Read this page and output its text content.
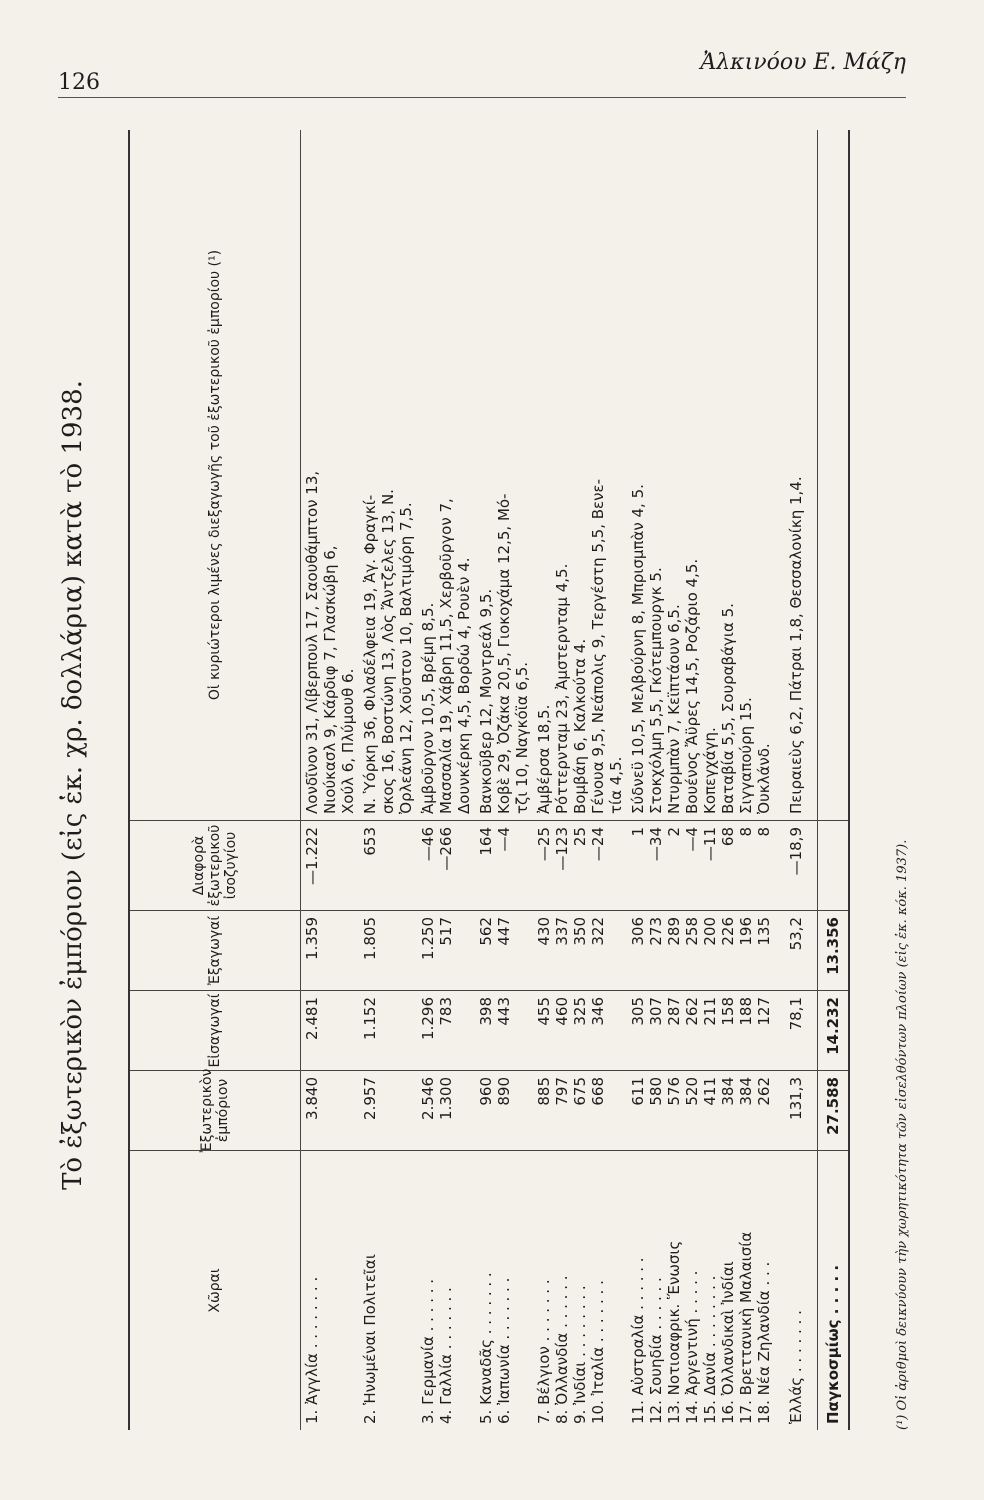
126
Ἀλκινόου Ε. Μάζη
Τὸ ἐξωτερικὸν ἐμπόριον (εἰς ἑκ. χρ. δολλάρια) κατὰ τὸ 1938.
Χῶραι
Ἐξωτερικὸν ἐμπόριον
Εἰσαγωγαί
Ἐξαγωγαί
Διαφορὰ ἐξωτερικοῦ ἰσοζυγίου
Οἱ κυριώτεροι λιμένες διεξαγωγῆς τοῦ ἐξωτερικοῦ ἐμπορίου (¹)
1. Ἀγγλία . . . . . . . .
3.840
2.481
1.359
—1.222
Λονδῖνον 31, Λίβερπουλ 17, Σαουθάμπτον 13, Νιούκασλ 9, Κάρδιφ 7, Γλασκώβη 6, Χούλ 6, Πλύμουθ 6.
2. Ἡνωμέναι Πολιτεῖαι
2.957
1.152
1.805
653
Ν. Ὑόρκη 36, Φιλαδέλφεια 19, Ἁγ. Φραγκί- σκος 16, Βοστώνη 13, Λὸς Ἄντζελες 13, Ν. Ὀρλεάνη 12, Χοῦστον 10, Βαλτιμόρη 7,5.
3. Γερμανία . . . . . . 4. Γαλλία . . . . . . .
2.546 1.300
1.296 783
1.250 517
—46 —266
Ἁμβοῦργον 10,5, Βρέμη 8,5. Μασσαλία 19, Χάβρη 11,5, Χερβοῦργον 7, Δουνκέρκη 4,5, Βορδώ 4, Ρουὲν 4.
5. Καναδᾶς . . . . . . . 6. Ἰαπωνία . . . . . . .
960 890
398 443
562 447
164 —4
Βανκοῦβερ 12, Μοντρεάλ 9,5. Κοβὲ 29, Ὀζάκα 20,5, Γιοκοχάμα 12,5, Μό- τζι 10, Ναγκόϊα 6,5.
7. Βέλγιον . . . . . . . 8. Ὀλλανδία . . . . . . 9. Ἰνδίαι . . . . . . . . 10. Ἰταλία . . . . . . .
885 797 675 668
455 460 325 346
430 337 350 322
—25 —123 25 —24
Ἀμβέρσα 18,5. Ρόττερνταμ 23, Ἀμστερνταμ 4,5. Βομβάη 6, Καλκούτα 4. Γένουα 9,5, Νεάπολις 9, Τεργέστη 5,5, Βενε- τία 4,5.
11. Αὐστραλία . . . . . . 12. Σουηδία . . . . . . 13. Νοτιοαφρικ. Ἕνωσις 14. Ἀργεντινή . . . . . 15. Δανία . . . . . . . . 16. Ὀλλανδικαὶ Ἰνδίαι 17. Βρεττανικὴ Μαλαισία 18. Νέα Ζηλανδία . . .
611 580 576 520 411 384 384 262
305 307 287 262 211 158 188 127
306 273 289 258 200 226 196 135
1 —34 2 —4 —11 68 8 8
Σύδνεϋ 10,5, Μελβούρνη 8, Μπρισμπὰν 4, 5. Στοκχόλμη 5,5, Γκότεμπουργκ 5. Ντυρμπὰν 7, Κεϊπτάουν 6,5. Βουένος Ἄϋρες 14,5, Ροζάριο 4,5. Κοπεγχάγη. Βαταβία 5,5, Σουραβάγια 5. Σιγγαπούρη 15. Ὀυκλάνδ.
Ἑλλάς . . . . . . .
131,3
78,1
53,2
—18,9
Πειραιεὺς 6,2, Πάτραι 1,8, Θεσσαλονίκη 1,4.
Παγκοσμίως . . . . .
27.588
14.232
13.356	(¹) Οἱ ἀριθμοὶ δεικνύουν τὴν χωρητικότητα τῶν εἰσελθόντων πλοίων (εἰς ἑκ. κόκ. 1937).
